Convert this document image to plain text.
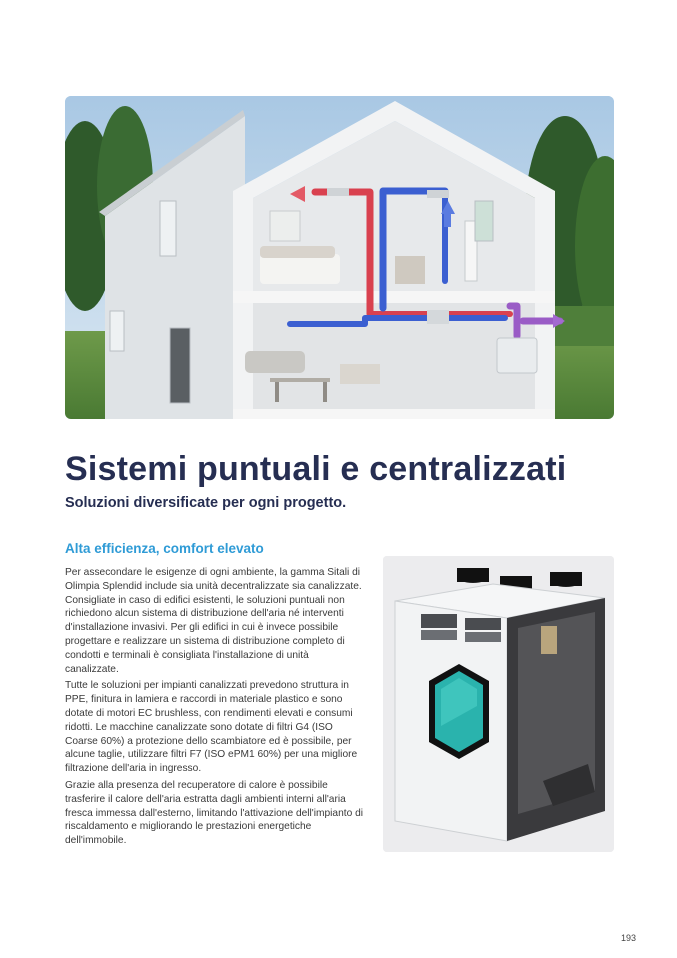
Sistemi puntuali e centralizzati
Soluzioni diversificate per ogni progetto.
Alta efficienza, comfort elevato

Per assecondare le esigenze di ogni ambiente, la gamma Sitali di Olimpia Splendid include sia unità decentralizzate sia canalizzate. Consigliate in caso di edifici esistenti, le soluzioni puntuali non richiedono alcun sistema di distribuzione dell'aria né interventi d'installazione invasivi. Per gli edifici in cui è invece possibile progettare e realizzare un sistema di distribuzione completo di condotti e terminali è consigliata l'installazione di unità canalizzate.

Tutte le soluzioni per impianti canalizzati prevedono struttura in PPE, finitura in lamiera e raccordi in materiale plastico e sono dotate di motori EC brushless, con rendimenti elevati e consumi ridotti. Le macchine canalizzate sono dotate di filtri G4 (ISO Coarse 60%) a protezione dello scambiatore ed è possibile, per alcune taglie, utilizzare filtri F7 (ISO ePM1 60%) per una migliore filtrazione dell'aria in ingresso.

Grazie alla presenza del recuperatore di calore è possibile trasferire il calore dell'aria estratta dagli ambienti interni all'aria fresca immessa dall'esterno, limitando l'attivazione dell'impianto di riscaldamento e migliorando le prestazioni energetiche dell'immobile.

193
